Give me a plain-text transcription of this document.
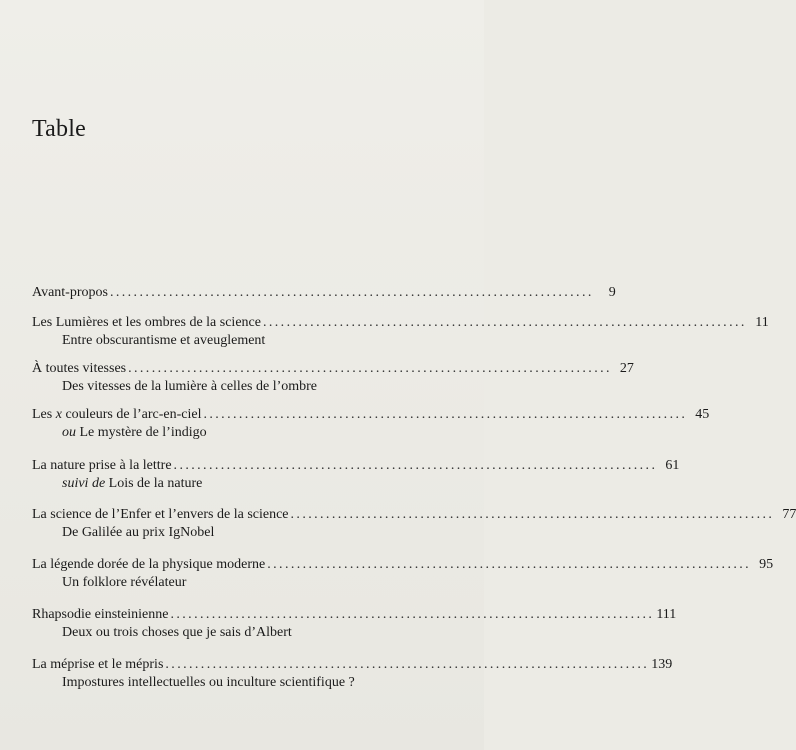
Table
Avant-propos ..................................................................................	9
Les Lumières et les ombres de la science .................................................................................. 11
Entre obscurantisme et aveuglement
À toutes vitesses .................................................................................. 27
Des vitesses de la lumière à celles de l’ombre
Les x couleurs de l’arc-en-ciel .................................................................................. 45
ou Le mystère de l’indigo
La nature prise à la lettre .................................................................................. 61
suivi de Lois de la nature
La science de l’Enfer et l’envers de la science .................................................................................. 77
De Galilée au prix IgNobel
La légende dorée de la physique moderne .................................................................................. 95
Un folklore révélateur
Rhapsodie einsteinienne .................................................................................. 111
Deux ou trois choses que je sais d’Albert
La méprise et le mépris .................................................................................. 139
Impostures intellectuelles ou inculture scientifique ?
